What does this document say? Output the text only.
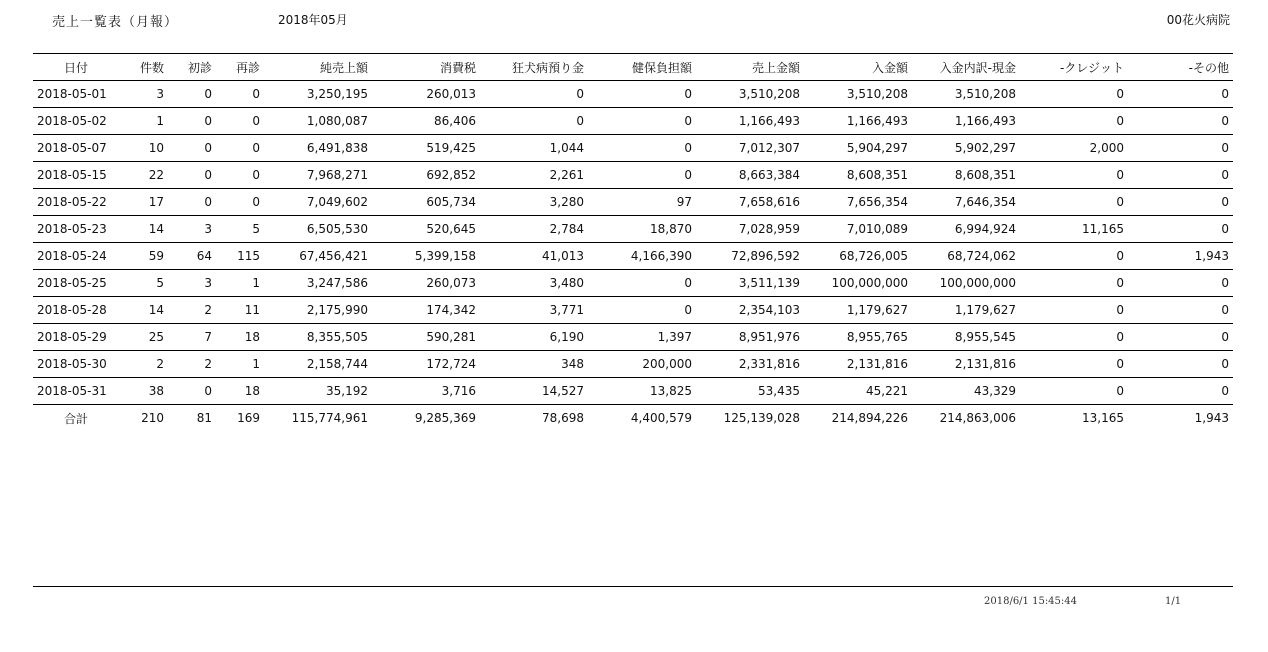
売上一覧表（月報）	2018年05月	00花火病院
日付	件数	初診	再診	純売上額	消費税	狂犬病預り金	健保負担額	売上金額	入金額	入金内訳-現金	-クレジット	-その他
2018-05-01	3	0	0	3,250,195	260,013	0	0	3,510,208	3,510,208	3,510,208	0	0
2018-05-02	1	0	0	1,080,087	86,406	0	0	1,166,493	1,166,493	1,166,493	0	0
2018-05-07	10	0	0	6,491,838	519,425	1,044	0	7,012,307	5,904,297	5,902,297	2,000	0
2018-05-15	22	0	0	7,968,271	692,852	2,261	0	8,663,384	8,608,351	8,608,351	0	0
2018-05-22	17	0	0	7,049,602	605,734	3,280	97	7,658,616	7,656,354	7,646,354	0	0
2018-05-23	14	3	5	6,505,530	520,645	2,784	18,870	7,028,959	7,010,089	6,994,924	11,165	0
2018-05-24	59	64	115	67,456,421	5,399,158	41,013	4,166,390	72,896,592	68,726,005	68,724,062	0	1,943
2018-05-25	5	3	1	3,247,586	260,073	3,480	0	3,511,139	100,000,000	100,000,000	0	0
2018-05-28	14	2	11	2,175,990	174,342	3,771	0	2,354,103	1,179,627	1,179,627	0	0
2018-05-29	25	7	18	8,355,505	590,281	6,190	1,397	8,951,976	8,955,765	8,955,545	0	0
2018-05-30	2	2	1	2,158,744	172,724	348	200,000	2,331,816	2,131,816	2,131,816	0	0
2018-05-31	38	0	18	35,192	3,716	14,527	13,825	53,435	45,221	43,329	0	0
合計	210	81	169	115,774,961	9,285,369	78,698	4,400,579	125,139,028	214,894,226	214,863,006	13,165	1,943
2018/6/1 15:45:44	1/1
